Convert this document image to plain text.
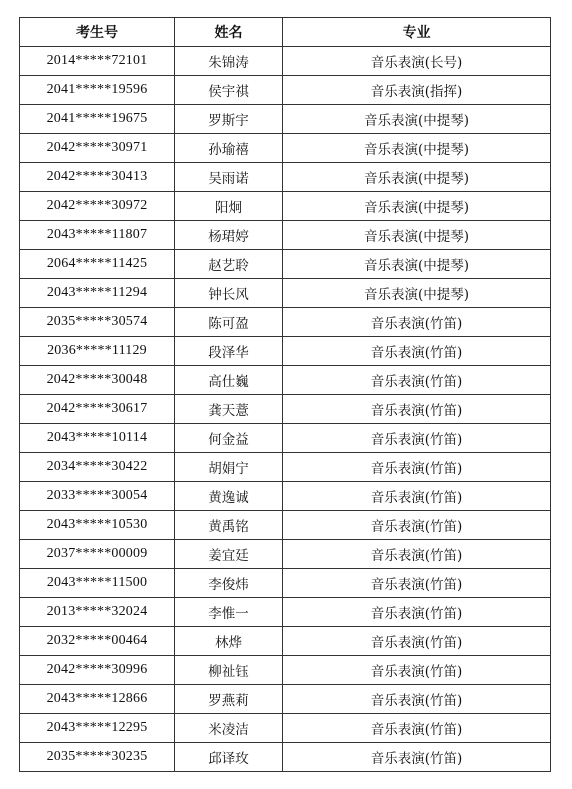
考生号	姓名	专业
2014*****72101	朱锦涛	音乐表演(长号)
2041*****19596	侯宇祺	音乐表演(指挥)
2041*****19675	罗斯宇	音乐表演(中提琴)
2042*****30971	孙瑜禧	音乐表演(中提琴)
2042*****30413	吴雨诺	音乐表演(中提琴)
2042*****30972	阳炯	音乐表演(中提琴)
2043*****11807	杨珺婷	音乐表演(中提琴)
2064*****11425	赵艺聆	音乐表演(中提琴)
2043*****11294	钟长风	音乐表演(中提琴)
2035*****30574	陈可盈	音乐表演(竹笛)
2036*****11129	段泽华	音乐表演(竹笛)
2042*****30048	高仕巍	音乐表演(竹笛)
2042*****30617	龚天薏	音乐表演(竹笛)
2043*****10114	何金益	音乐表演(竹笛)
2034*****30422	胡娟宁	音乐表演(竹笛)
2033*****30054	黄逸诚	音乐表演(竹笛)
2043*****10530	黄禹铭	音乐表演(竹笛)
2037*****00009	姜宜廷	音乐表演(竹笛)
2043*****11500	李俊炜	音乐表演(竹笛)
2013*****32024	李惟一	音乐表演(竹笛)
2032*****00464	林烨	音乐表演(竹笛)
2042*****30996	柳祉钰	音乐表演(竹笛)
2043*****12866	罗燕莉	音乐表演(竹笛)
2043*****12295	米凌洁	音乐表演(竹笛)
2035*****30235	邱译玫	音乐表演(竹笛)
